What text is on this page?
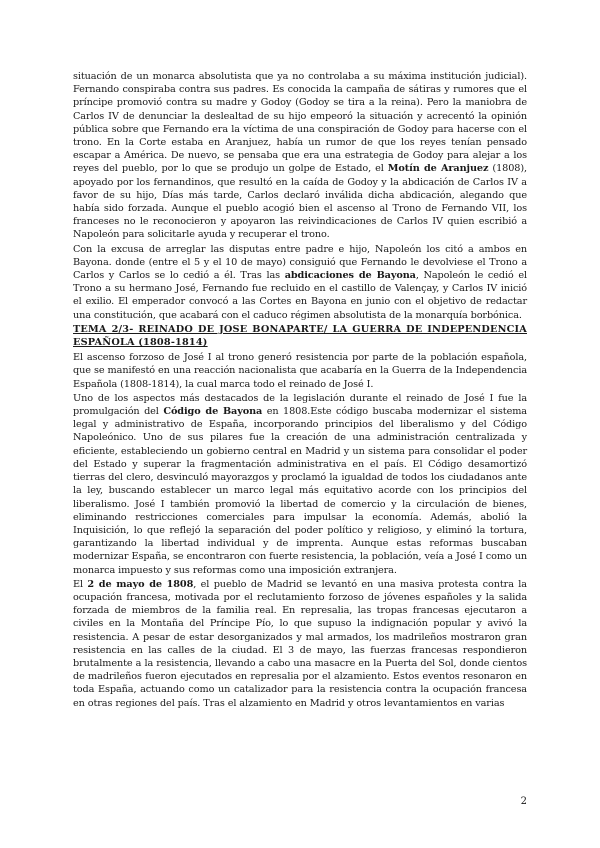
situación de un monarca absolutista que ya no controlaba a su máxima institución judicial). Fernando conspiraba contra sus padres. Es conocida la campaña de sátiras y rumores que el príncipe promovió contra su madre y Godoy (Godoy se tira a la reina). Pero la maniobra de Carlos IV de denunciar la deslealtad de su hijo empeoró la situación y acrecentó la opinión pública sobre que Fernando era la víctima de una conspiración de Godoy para hacerse con el trono. En la Corte estaba en Aranjuez, había un rumor de que los reyes tenían pensado escapar a América. De nuevo, se pensaba que era una estrategia de Godoy para alejar a los reyes del pueblo, por lo que se produjo un golpe de Estado, el Motín de Aranjuez (1808), apoyado por los fernandinos, que resultó en la caída de Godoy y la abdicación de Carlos IV a favor de su hijo, Días más tarde, Carlos declaró inválida dicha abdicación, alegando que había sido forzada. Aunque el pueblo acogió bien el ascenso al Trono de Fernando VII, los franceses no le reconocieron y apoyaron las reivindicaciones de Carlos IV quien escribió a Napoleón para solicitarle ayuda y recuperar el trono.

Con la excusa de arreglar las disputas entre padre e hijo, Napoleón los citó a ambos en Bayona. donde (entre el 5 y el 10 de mayo) consiguió que Fernando le devolviese el Trono a Carlos y Carlos se lo cedió a él. Tras las abdicaciones de Bayona, Napoleón le cedió el Trono a su hermano José, Fernando fue recluido en el castillo de Valençay, y Carlos IV inició el exilio. El emperador convocó a las Cortes en Bayona en junio con el objetivo de redactar una constitución, que acabará con el caduco régimen absolutista de la monarquía borbónica.

TEMA 2/3- REINADO DE JOSE BONAPARTE/ LA GUERRA DE INDEPENDENCIA ESPAÑOLA (1808-1814)

El ascenso forzoso de José I al trono generó resistencia por parte de la población española, que se manifestó en una reacción nacionalista que acabaría en la Guerra de la Independencia Española (1808-1814), la cual marca todo el reinado de José I.

Uno de los aspectos más destacados de la legislación durante el reinado de José I fue la promulgación del Código de Bayona en 1808.Este código buscaba modernizar el sistema legal y administrativo de España, incorporando principios del liberalismo y del Código Napoleónico. Uno de sus pilares fue la creación de una administración centralizada y eficiente, estableciendo un gobierno central en Madrid y un sistema para consolidar el poder del Estado y superar la fragmentación administrativa en el país. El Código desamortizó tierras del clero, desvinculó mayorazgos y proclamó la igualdad de todos los ciudadanos ante la ley, buscando establecer un marco legal más equitativo acorde con los principios del liberalismo. José I también promovió la libertad de comercio y la circulación de bienes, eliminando restricciones comerciales para impulsar la economía. Además, abolió la Inquisición, lo que reflejó la separación del poder político y religioso, y eliminó la tortura, garantizando la libertad individual y de imprenta. Aunque estas reformas buscaban modernizar España, se encontraron con fuerte resistencia, la población, veía a José I como un monarca impuesto y sus reformas como una imposición extranjera.

El 2 de mayo de 1808, el pueblo de Madrid se levantó en una masiva protesta contra la ocupación francesa, motivada por el reclutamiento forzoso de jóvenes españoles y la salida forzada de miembros de la familia real. En represalia, las tropas francesas ejecutaron a civiles en la Montaña del Príncipe Pío, lo que supuso la indignación popular y avivó la resistencia. A pesar de estar desorganizados y mal armados, los madrileños mostraron gran resistencia en las calles de la ciudad. El 3 de mayo, las fuerzas francesas respondieron brutalmente a la resistencia, llevando a cabo una masacre en la Puerta del Sol, donde cientos de madrileños fueron ejecutados en represalia por el alzamiento. Estos eventos resonaron en toda España, actuando como un catalizador para la resistencia contra la ocupación francesa en otras regiones del país. Tras el alzamiento en Madrid y otros levantamientos en varias

2
